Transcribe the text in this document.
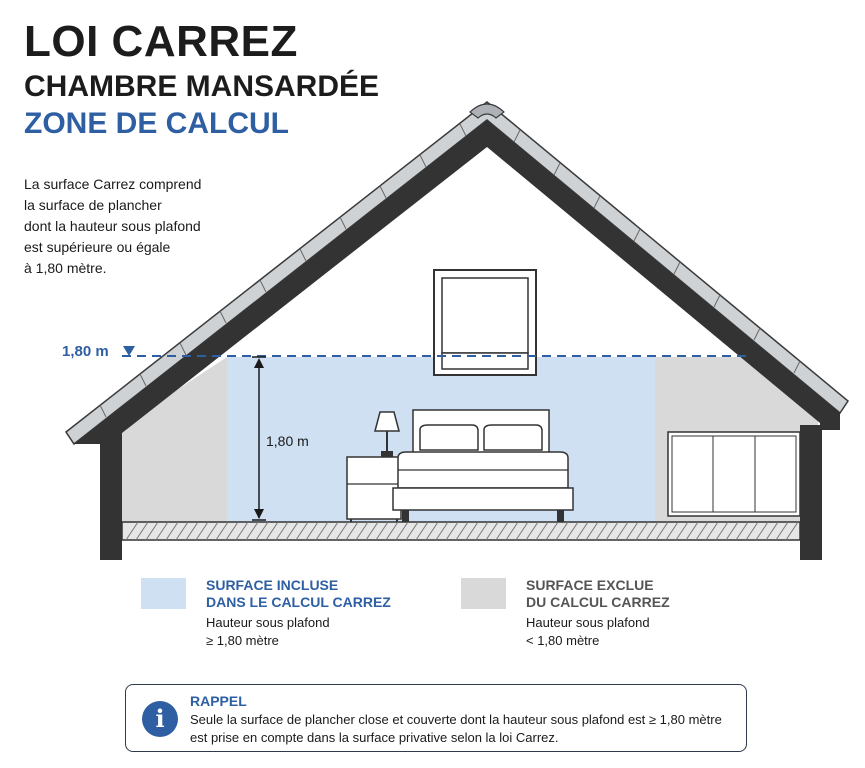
LOI CARREZ
CHAMBRE MANSARDÉE
ZONE DE CALCUL

La surface Carrez comprend
la surface de plancher
dont la hauteur sous plafond
est supérieure ou égale
à 1,80 mètre.

1,80 m
1,80 m
SURFACE INCLUSE
DANS LE CALCUL CARREZ
Hauteur sous plafond
≥ 1,80 mètre
SURFACE EXCLUE
DU CALCUL CARREZ
Hauteur sous plafond
< 1,80 mètre
i
RAPPEL
Seule la surface de plancher close et couverte dont la hauteur sous plafond est ≥ 1,80 mètre
est prise en compte dans la surface privative selon la loi Carrez.
